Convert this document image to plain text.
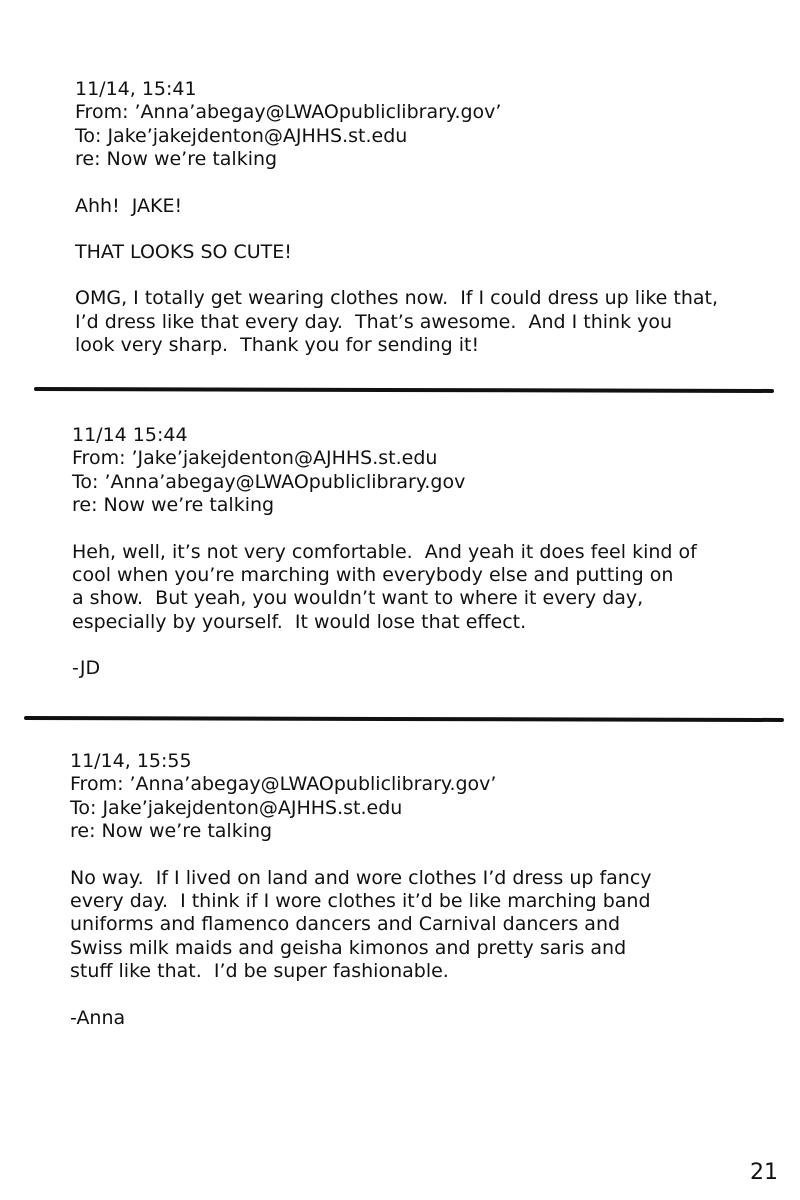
11/14, 15:41
From: ’Anna’abegay@LWAOpubliclibrary.gov’
To: Jake’jakejdenton@AJHHS.st.edu
re: Now we’re talking
Ahh!  JAKE!
THAT LOOKS SO CUTE!
OMG, I totally get wearing clothes now.  If I could dress up like that,
I’d dress like that every day.  That’s awesome.  And I think you
look very sharp.  Thank you for sending it!
11/14 15:44
From: ’Jake’jakejdenton@AJHHS.st.edu
To: ’Anna’abegay@LWAOpubliclibrary.gov
re: Now we’re talking
Heh, well, it’s not very comfortable.  And yeah it does feel kind of
cool when you’re marching with everybody else and putting on
a show.  But yeah, you wouldn’t want to where it every day,
especially by yourself.  It would lose that effect.
-JD
11/14, 15:55
From: ’Anna’abegay@LWAOpubliclibrary.gov’
To: Jake’jakejdenton@AJHHS.st.edu
re: Now we’re talking
No way.  If I lived on land and wore clothes I’d dress up fancy
every day.  I think if I wore clothes it’d be like marching band
uniforms and flamenco dancers and Carnival dancers and
Swiss milk maids and geisha kimonos and pretty saris and
stuff like that.  I’d be super fashionable.
-Anna
21
